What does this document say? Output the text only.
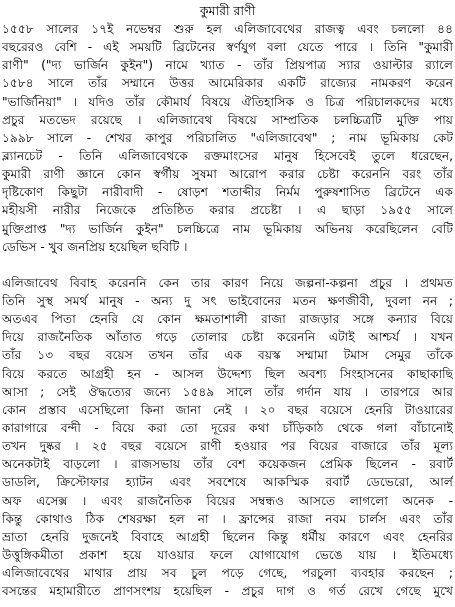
কুমারী রাণী
১৫৫৮ সালের ১৭ই নভেম্বর শুরু হল এলিজাবেথের রাজত্ব এবং চললো ৪৪
বছরেরও বেশি - এই সময়টি ব্রিটেনের স্বর্ণযুগ বলা যেতে পারে । তিনি "কুমারী
রাণী" ("দ্য ভার্জিন কুইন") নামে খ্যাত - তাঁর প্রিয়পাত্র স্যার ওয়াল্টার র‍্যালে
১৫৮৪ সালে তাঁর সম্মানে উত্তর আমেরিকার একটি রাজ্যের নামকরণ করেন
"ভার্জিনিয়া" । যদিও তাঁর কৌমার্য বিষয়ে ঐতিহাসিক ও চিত্র পরিচালকদের মধ্যে
প্রচুর মতভেদ রয়েছে । এলিজাবেথ বিষয়ে সাম্প্রতিক চলচ্চিত্রটি মুক্তি পায়
১৯৯৮ সালে - শেখর কাপুর পরিচালিত "এলিজাবেথ" ; নাম ভূমিকায় কেট
ব্ল্যানচেট - তিনি এলিজাবেথকে রক্তমাংসের মানুষ হিসেবেই তুলে ধরেছেন,
কুমারী রাণী জ্ঞানে কোন স্বর্গীয় সুষমা আরোপ করার চেষ্টা করেননি বরং তাঁর
দৃষ্টিকোণ কিছুটা নারীবাদী - ষোড়শ শতাব্দীর নির্মম পুরুষশাসিত ব্রিটেনে এক
মহীয়সী নারীর নিজেকে প্রতিষ্ঠিত করার প্রচেষ্টা । এ ছাড়া ১৯৫৫ সালে
মুক্তিপ্রাপ্ত "দ্য ভার্জিন কুইন" চলচ্চিত্রে নাম ভূমিকায় অভিনয় করেছিলেন বেটি
ডেভিস - খুব জনপ্রিয় হয়েছিল ছবিটি ।
এলিজাবেথ বিবাহ করেননি কেন তার কারণ নিয়ে জল্পনা-কল্পনা প্রচুর । প্রথমত
তিনি সুস্থ সমর্থ মানুষ - অন্য দু সৎ ভাইবোনের মতন ক্ষণজীবী, দুবলা নন ;
অতএব পিতা হেনরি যে কোন ক্ষমতাশালী রাজা রাজড়ার সঙ্গে কন্যার বিয়ে
দিয়ে রাজনৈতিক আঁতাত গড়ে তোলার চেষ্টা করেননি এটাই আশ্চর্য । যখন
তাঁর ১৩ বছর বয়েস তখন তাঁর এক বয়স্ক সম্মামা টমাস সেমুর তাঁকে
বিয়ে করতে আগ্রহী হন - আসল উদ্দেশ্য ছিল অবশ্য সিংহাসনের কাছাকাছি
আসা ; সেই ঔদ্ধত্যের জন্যে ১৫৪৯ সালে তাঁর গর্দান যায় । তারপরে আর
কোন প্রস্তাব এসেছিলো কিনা জানা নেই । ২০ বছর বয়েসে হেনরি টাওয়ারের
কারাগারে বন্দী - বিয়ে করা তো দূরের কথা চাঁড়িকাঠ থেকে গলা বাঁচানোই
তখন দুষ্কর । ২৫ বছর বয়েসে রাণী হওয়ার পর বিয়ের বাজারে তাঁর মূল্য
অনেকটাই বাড়লো । রাজসভায় তাঁর বেশ কয়েকজন প্রেমিক ছিলেন - রবার্ট
ডাডলি, ক্রিস্টোফার হ্যাটন এবং সবশেষে আকস্মিক রবার্ট ডেভেরো, আর্ল
অফ এসেক্স । এবং রাজনৈতিক বিয়ের সম্বন্ধও আসতে লাগলো অনেক -
কিন্তু কোথাও ঠিক শেষরক্ষা হল না । ফ্রান্সের রাজা নবম চার্লস এবং তাঁর
ভ্রাতা হেনরি দুজনেই বিবাহে আগ্রহী ছিলেন কিন্তু ধর্মীয় কারণে এবং হেনরির
উত্তুঙ্গিকমীতা প্রকাশ হয়ে যাওয়ার ফলে যোগাযোগ ভেঙে যায় । ইতিমধ্যে
এলিজাবেথের মাথার প্রায় সব চুল পড়ে গেছে, পরচুলা ব্যবহার করছেন ;
বসন্তের মহামারীতে প্রাণসংশয় হয়েছিল - প্রচুর দাগ ও গর্ত রেখে গেছে মুখে
